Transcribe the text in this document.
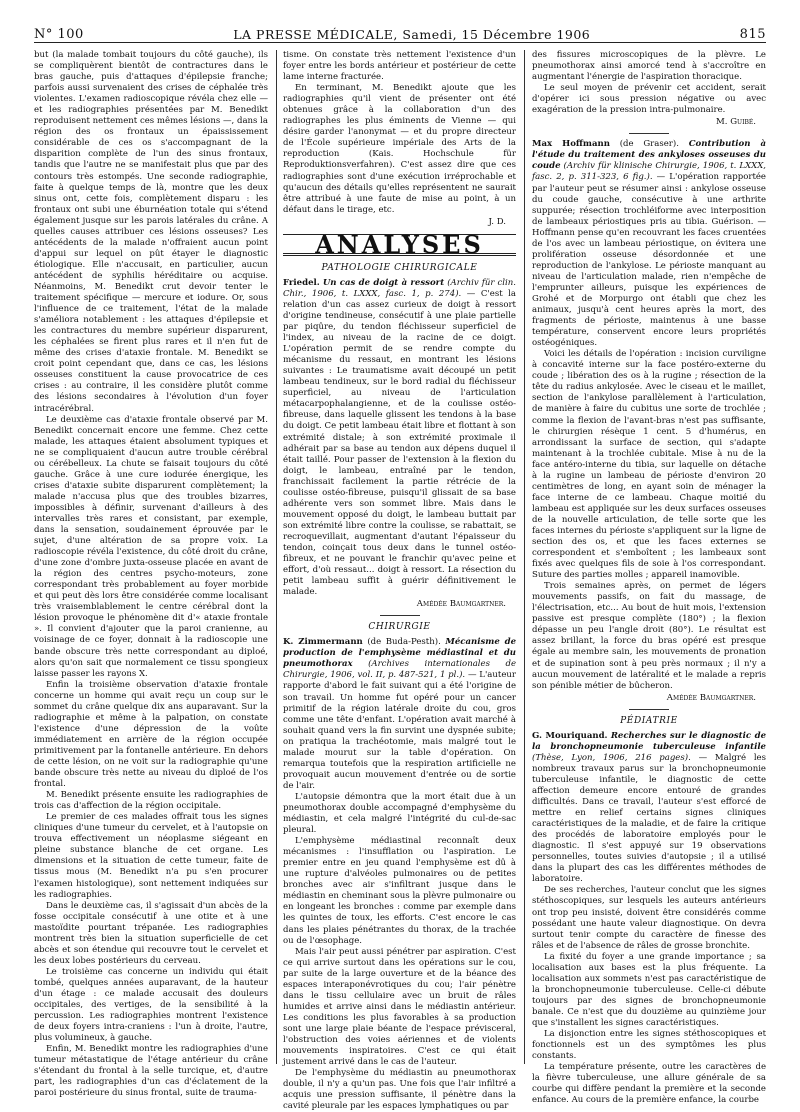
N° 100	LA PRESSE MÉDICALE, Samedi, 15 Décembre 1906	815

but (la malade tombait toujours du côté gauche), ils se compliquèrent bientôt de contractures dans le bras gauche, puis d'attaques d'épilepsie franche; parfois aussi survenaient des crises de céphalée très violentes. L'examen radioscopique révéla chez elle — et les radiographies présentées par M. Benedikt reproduisent nettement ces mêmes lésions —, dans la région des os frontaux un épaississement considérable de ces os s'accompagnant de la disparition complète de l'un des sinus frontaux, tandis que l'autre ne se manifestait plus que par des contours très estompés. Une seconde radiographie, faite à quelque temps de là, montre que les deux sinus ont, cette fois, complètement disparu : les frontaux ont subi une éburnéation totale qui s'étend également jusque sur les parois latérales du crâne. A quelles causes attribuer ces lésions osseuses? Les antécédents de la malade n'offraient aucun point d'appui sur lequel on pût étayer le diagnostic étiologique. Elle n'accusait, en particulier, aucun antécédent de syphilis héréditaire ou acquise. Néanmoins, M. Benedikt crut devoir tenter le traitement spécifique — mercure et iodure. Or, sous l'influence de ce traitement, l'état de la malade s'améliora notablement : les attaques d'épilepsie et les contractures du membre supérieur disparurent, les céphalées se firent plus rares et il n'en fut de même des crises d'ataxie frontale. M. Benedikt se croit point cependant que, dans ce cas, les lésions osseuses constituent la cause provocatrice de ces crises : au contraire, il les considère plutôt comme des lésions secondaires à l'évolution d'un foyer intracérébral.

Le deuxième cas d'ataxie frontale observé par M. Benedikt concernait encore une femme. Chez cette malade, les attaques étaient absolument typiques et ne se compliquaient d'aucun autre trouble cérébral ou cérébelleux. La chute se faisait toujours du côté gauche. Grâce à une cure iodurée énergique, les crises d'ataxie subite disparurent complètement; la malade n'accusa plus que des troubles bizarres, impossibles à définir, survenant d'ailleurs à des intervalles très rares et consistant, par exemple, dans la sensation, soudainement éprouvée par le sujet, d'une altération de sa propre voix. La radioscopie révéla l'existence, du côté droit du crâne, d'une zone d'ombre juxta-osseuse placée en avant de la région des centres psycho-moteurs, zone correspondant très probablement au foyer morbide et qui peut dès lors être considérée comme localisant très vraisemblablement le centre cérébral dont la lésion provoque le phénomène dit d'« ataxie frontale ». Il convient d'ajouter que la paroi cranienne, au voisinage de ce foyer, donnait à la radioscopie une bande obscure très nette correspondant au diploé, alors qu'on sait que normalement ce tissu spongieux laisse passer les rayons X.

Enfin la troisième observation d'ataxie frontale concerne un homme qui avait reçu un coup sur le sommet du crâne quelque dix ans auparavant. Sur la radiographie et même à la palpation, on constate l'existence d'une dépression de la voûte immédiatement en arrière de la région occupée primitivement par la fontanelle antérieure. En dehors de cette lésion, on ne voit sur la radiographie qu'une bande obscure très nette au niveau du diploé de l'os frontal.

M. Benedikt présente ensuite les radiographies de trois cas d'affection de la région occipitale.

Le premier de ces malades offrait tous les signes cliniques d'une tumeur du cervelet, et à l'autopsie on trouva effectivement un néoplasme siégeant en pleine substance blanche de cet organe. Les dimensions et la situation de cette tumeur, faite de tissus mous (M. Benedikt n'a pu s'en procurer l'examen histologique), sont nettement indiquées sur les radiographies.

Dans le deuxième cas, il s'agissait d'un abcès de la fosse occipitale consécutif à une otite et à une mastoïdite pourtant trépanée. Les radiographies montrent très bien la situation superficielle de cet abcès et son étendue qui recouvre tout le cervelet et les deux lobes postérieurs du cerveau.

Le troisième cas concerne un individu qui était tombé, quelques années auparavant, de la hauteur d'un étage : ce malade accusait des douleurs occipitales, des vertiges, de la sensibilité à la percussion. Les radiographies montrent l'existence de deux foyers intra-craniens : l'un à droite, l'autre, plus volumineux, à gauche.

Enfin, M. Benedikt montre les radiographies d'une tumeur métastatique de l'étage antérieur du crâne s'étendant du frontal à la selle turcique, et, d'autre part, les radiographies d'un cas d'éclatement de la paroi postérieure du sinus frontal, suite de trauma-

tisme. On constate très nettement l'existence d'un foyer entre les bords antérieur et postérieur de cette lame interne fracturée.

En terminant, M. Benedikt ajoute que les radiographies qu'il vient de présenter ont été obtenues grâce à la collaboration d'un des radiographes les plus éminents de Vienne — qui désire garder l'anonymat — et du propre directeur de l'École supérieure impériale des Arts de la reproduction (Kais. Hochschule für Reproduktionsverfahren). C'est assez dire que ces radiographies sont d'une exécution irréprochable et qu'aucun des détails qu'elles représentent ne saurait être attribué à une faute de mise au point, à un défaut dans le tirage, etc.

J. D.
ANALYSES
PATHOLOGIE CHIRURGICALE

Friedel. Un cas de doigt à ressort (Archiv für clin. Chir., 1906, t. LXXX, fasc. 1, p. 274). — C'est la relation d'un cas assez curieux de doigt à ressort d'origine tendineuse, consécutif à une plaie partielle par piqûre, du tendon fléchisseur superficiel de l'index, au niveau de la racine de ce doigt. L'opération permit de se rendre compte du mécanisme du ressaut, en montrant les lésions suivantes : Le traumatisme avait découpé un petit lambeau tendineux, sur le bord radial du fléchisseur superficiel, au niveau de l'articulation métacarpophalangienne, et de la coulisse ostéo-fibreuse, dans laquelle glissent les tendons à la base du doigt. Ce petit lambeau était libre et flottant à son extrémité distale; à son extrémité proximale il adhérait par sa base au tendon aux dépens duquel il était taillé. Pour passer de l'extension à la flexion du doigt, le lambeau, entraîné par le tendon, franchissait facilement la partie rétrécie de la coulisse ostéo-fibreuse, puisqu'il glissait de sa base adhérente vers son sommet libre. Mais dans le mouvement opposé du doigt, le lambeau buttait par son extrémité libre contre la coulisse, se rabattait, se recroquevillait, augmentant d'autant l'épaisseur du tendon, coinçait tous deux dans le tunnel ostéo-fibreux, et ne pouvant le franchir qu'avec peine et effort, d'où ressaut... doigt à ressort. La résection du petit lambeau suffit à guérir définitivement le malade.

Amédée Baumgartner.
CHIRURGIE

K. Zimmermann (de Buda-Pesth). Mécanisme de production de l'emphysème médiastinal et du pneumothorax (Archives internationales de Chirurgie, 1906, vol. II, p. 487-521, 1 pl.). — L'auteur rapporte d'abord le fait suivant qui a été l'origine de son travail. Un homme fut opéré pour un cancer primitif de la région latérale droite du cou, gros comme une tête d'enfant. L'opération avait marché à souhait quand vers la fin survint une dyspnée subite; on pratiqua la trachéotomie, mais malgré tout le malade mourut sur la table d'opération. On remarqua toutefois que la respiration artificielle ne provoquait aucun mouvement d'entrée ou de sortie de l'air.

L'autopsie démontra que la mort était due à un pneumothorax double accompagné d'emphysème du médiastin, et cela malgré l'intégrité du cul-de-sac pleural.

L'emphysème médiastinal reconnaît deux mécanismes : l'insufflation ou l'aspiration. Le premier entre en jeu quand l'emphysème est dû à une rupture d'alvéoles pulmonaires ou de petites bronches avec air s'infiltrant jusque dans le médiastin en cheminant sous la plèvre pulmonaire ou en longeant les bronches : comme par exemple dans les quintes de toux, les efforts. C'est encore le cas dans les plaies pénétrantes du thorax, de la trachée ou de l'œsophage.

Mais l'air peut aussi pénétrer par aspiration. C'est ce qui arrive surtout dans les opérations sur le cou, par suite de la large ouverture et de la béance des espaces interaponévrotiques du cou; l'air pénètre dans le tissu cellulaire avec un bruit de râles humides et arrive ainsi dans le médiastin antérieur. Les conditions les plus favorables à sa production sont une large plaie béante de l'espace prévisceral, l'obstruction des voies aériennes et de violents mouvements inspiratoires. C'est ce qui était justement arrivé dans le cas de l'auteur.

De l'emphysème du médiastin au pneumothorax double, il n'y a qu'un pas. Une fois que l'air infiltré a acquis une pression suffisante, il pénètre dans la cavité pleurale par les espaces lymphatiques ou par

des fissures microscopiques de la plèvre. Le pneumothorax ainsi amorcé tend à s'accroître en augmentant l'énergie de l'aspiration thoracique.

Le seul moyen de prévenir cet accident, serait d'opérer ici sous pression négative ou avec exagération de la pression intra-pulmonaire.

M. Guibé.

Max Hoffmann (de Graser). Contribution à l'étude du traitement des ankyloses osseuses du coude (Archiv für klinische Chirurgie, 1906, t. LXXX, fasc. 2, p. 311-323, 6 fig.). — L'opération rapportée par l'auteur peut se résumer ainsi : ankylose osseuse du coude gauche, consécutive à une arthrite suppurée; résection trochléiforme avec interposition de lambeaux périostiques pris au tibia. Guérison. — Hoffmann pense qu'en recouvrant les faces cruentées de l'os avec un lambeau périostique, on évitera une prolifération osseuse désordonnée et une reproduction de l'ankylose. Le périoste manquant au niveau de l'articulation malade, rien n'empêche de l'emprunter ailleurs, puisque les expériences de Grohé et de Morpurgo ont établi que chez les animaux, jusqu'à cent heures après la mort, des fragments de périoste, maintenus à une basse température, conservent encore leurs propriétés ostéogéniques.

Voici les détails de l'opération : incision curviligne à concavité interne sur la face postéro-externe du coude ; libération des os à la rugine ; résection de la tête du radius ankylosée. Avec le ciseau et le maillet, section de l'ankylose parallèlement à l'articulation, de manière à faire du cubitus une sorte de trochlée ; comme la flexion de l'avant-bras n'est pas suffisante, le chirurgien résèque 1 cent. 5 d'humérus, en arrondissant la surface de section, qui s'adapte maintenant à la trochlée cubitale. Mise à nu de la face antéro-interne du tibia, sur laquelle on détache à la rugine un lambeau de périoste d'environ 20 centimètres de long, en ayant soin de ménager la face interne de ce lambeau. Chaque moitié du lambeau est appliquée sur les deux surfaces osseuses de la nouvelle articulation, de telle sorte que les faces internes du périoste s'appliquent sur la ligne de section des os, et que les faces externes se correspondent et s'emboîtent ; les lambeaux sont fixés avec quelques fils de soie à l'os correspondant. Suture des parties molles ; appareil inamovible.

Trois semaines après, on permet de légers mouvements passifs, on fait du massage, de l'électrisation, etc... Au bout de huit mois, l'extension passive est presque complète (180°) ; la flexion dépasse un peu l'angle droit (80°). Le résultat est assez brillant, la force du bras opéré est presque égale au membre sain, les mouvements de pronation et de supination sont à peu près normaux ; il n'y a aucun mouvement de latéralité et le malade a repris son pénible métier de bûcheron.

Amédée Baumgartner.
PÉDIATRIE

G. Mouriquand. Recherches sur le diagnostic de la bronchopneumonie tuberculeuse infantile (Thèse, Lyon, 1906, 216 pages). — Malgré les nombreux travaux parus sur la bronchopneumonie tuberculeuse infantile, le diagnostic de cette affection demeure encore entouré de grandes difficultés. Dans ce travail, l'auteur s'est efforcé de mettre en relief certains signes cliniques caractéristiques de la maladie, et de faire la critique des procédés de laboratoire employés pour le diagnostic. Il s'est appuyé sur 19 observations personnelles, toutes suivies d'autopsie ; il a utilisé dans la plupart des cas les différentes méthodes de laboratoire.

De ses recherches, l'auteur conclut que les signes stéthoscopiques, sur lesquels les auteurs antérieurs ont trop peu insisté, doivent être considérés comme possédant une haute valeur diagnostique. On devra surtout tenir compte du caractère de finesse des râles et de l'absence de râles de grosse bronchite.

La fixité du foyer a une grande importance ; sa localisation aux bases est la plus fréquente. La localisation aux sommets n'est pas caractéristique de la bronchopneumonie tuberculeuse. Celle-ci débute toujours par des signes de bronchopneumonie banale. Ce n'est que du douzième au quinzième jour que s'installent les signes caractéristiques.

La disjonction entre les signes stéthoscopiques et fonctionnels est un des symptômes les plus constants.

La température présente, outre les caractères de la fièvre tuberculeuse, une allure générale de sa courbe qui diffère pendant la première et la seconde enfance. Au cours de la première enfance, la courbe
